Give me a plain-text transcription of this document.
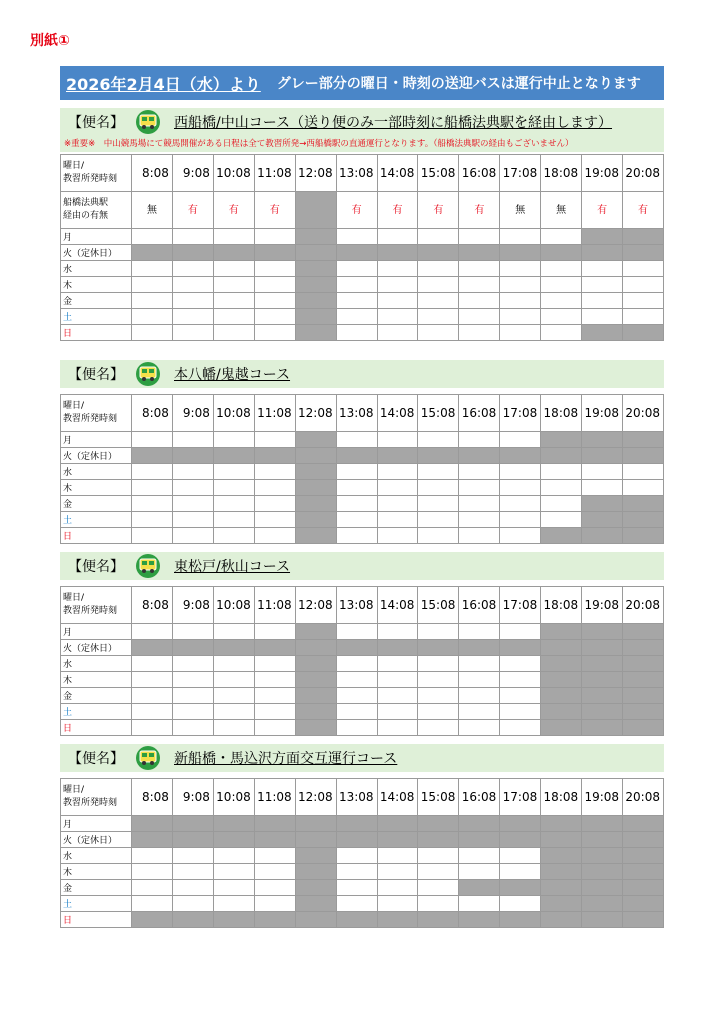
別紙①
2026年2月4日（水）より グレー部分の曜日・時刻の送迎バスは運行中止となります
【便名】	西船橋/中山コース（送り便のみ一部時刻に船橋法典駅を経由します）
※重要※　中山競馬場にて競馬開催がある日程は全て教習所発→西船橋駅の直通運行となります。（船橋法典駅の経由もございません）
曜日/
教習所発時刻	8:08	9:08	10:08	11:08	12:08	13:08	14:08	15:08	16:08	17:08	18:08	19:08	20:08
船橋法典駅
経由の有無	無	有	有	有		有	有	有	有	無	無	有	有
月													
火（定休日）													
水													
木													
金													
土													
日													
【便名】	本八幡/鬼越コース
曜日/
教習所発時刻	8:08	9:08	10:08	11:08	12:08	13:08	14:08	15:08	16:08	17:08	18:08	19:08	20:08
月													
火（定休日）													
水													
木													
金													
土													
日													
【便名】	東松戸/秋山コース
曜日/
教習所発時刻	8:08	9:08	10:08	11:08	12:08	13:08	14:08	15:08	16:08	17:08	18:08	19:08	20:08
月													
火（定休日）													
水													
木													
金													
土													
日													
【便名】	新船橋・馬込沢方面交互運行コース
曜日/
教習所発時刻	8:08	9:08	10:08	11:08	12:08	13:08	14:08	15:08	16:08	17:08	18:08	19:08	20:08
月													
火（定休日）													
水													
木													
金													
土													
日													
